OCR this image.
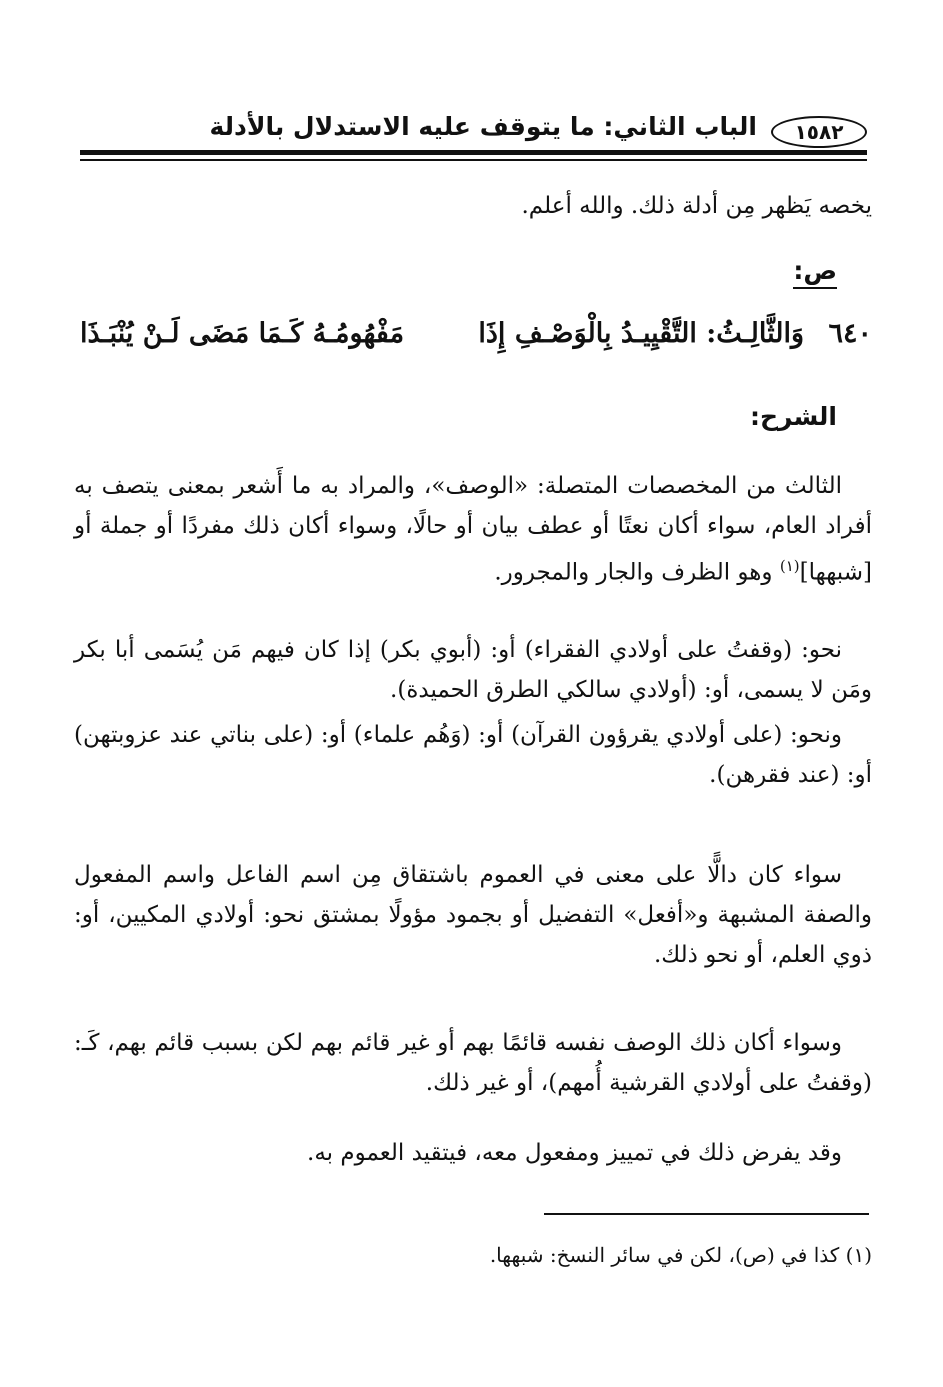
١٥٨٢
الباب الثاني: ما يتوقف عليه الاستدلال بالأدلة
يخصه يَظهر مِن أدلة ذلك. والله أعلم.
ص:
٦٤٠
وَالثَّالِـثُ: التَّقْيِيـدُ بِالْوَصْـفِ إِذَا
مَفْهُومُـهُ كَـمَا مَضَى لَـنْ يُنْبَـذَا
الشرح:
الثالث من المخصصات المتصلة: «الوصف»، والمراد به ما أَشعر بمعنى يتصف به أفراد العام، سواء أكان نعتًا أو عطف بيان أو حالًا، وسواء أكان ذلك مفردًا أو جملة أو [شبهها]$^{(١)}$ وهو الظرف والجار والمجرور.
نحو: (وقفتُ على أولادي الفقراء) أو: (أبوي بكر) إذا كان فيهم مَن يُسَمى أبا بكر ومَن لا يسمى، أو: (أولادي سالكي الطرق الحميدة).
ونحو: (على أولادي يقرؤون القرآن) أو: (وَهُم علماء) أو: (على بناتي عند عزوبتهن) أو: (عند فقرهن).
سواء كان دالًّا على معنى في العموم باشتقاق مِن اسم الفاعل واسم المفعول والصفة المشبهة و«أفعل» التفضيل أو بجمود مؤولًا بمشتق نحو: أولادي المكيين، أو: ذوي العلم، أو نحو ذلك.
وسواء أكان ذلك الوصف نفسه قائمًا بهم أو غير قائم بهم لكن بسبب قائم بهم، كَـ: (وقفتُ على أولادي القرشية أُمهم)، أو غير ذلك.
وقد يفرض ذلك في تمييز ومفعول معه، فيتقيد العموم به.
(١) كذا في (ص)، لكن في سائر النسخ: شبهها.
